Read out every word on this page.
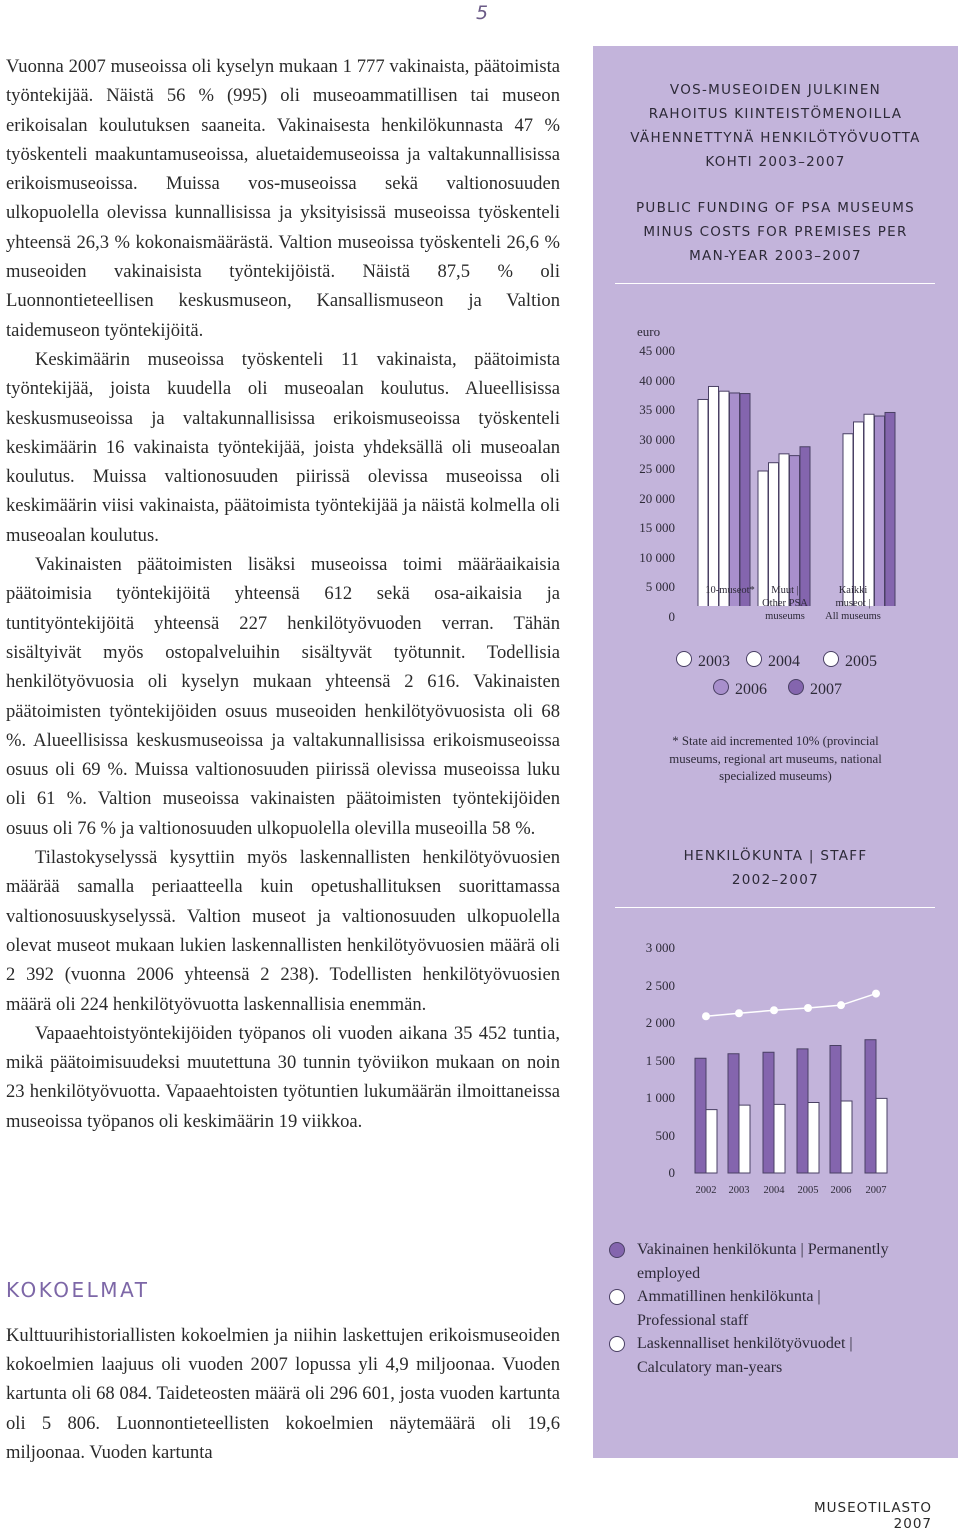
5

Vuonna 2007 museoissa oli kyselyn mukaan 1 777 vakinaista, päätoimista työntekijää. Näistä 56 % (995) oli museoammatillisen tai museon erikoisalan koulutuksen saaneita. Vakinaisesta henkilökunnasta 47 % työskenteli maakuntamuseoissa, aluetaidemuseoissa ja valtakunnallisissa erikoismuseoissa. Muissa vos-museoissa sekä valtionosuuden ulkopuolella olevissa kunnallisissa ja yksityisissä museoissa työskenteli yhteensä 26,3 % kokonaismäärästä. Valtion museoissa työskenteli 26,6 % museoiden vakinaisista työntekijöistä. Näistä 87,5 % oli Luonnontieteellisen keskusmuseon, Kansallismuseon ja Valtion taidemuseon työntekijöitä.

Keskimäärin museoissa työskenteli 11 vakinaista, päätoimista työntekijää, joista kuudella oli museoalan koulutus. Alueellisissa keskusmuseoissa ja valtakunnallisissa erikoismuseoissa työskenteli keskimäärin 16 vakinaista työntekijää, joista yhdeksällä oli museoalan koulutus. Muissa valtionosuuden piirissä olevissa museoissa oli keskimäärin viisi vakinaista, päätoimista työntekijää ja näistä kolmella oli museoalan koulutus.

Vakinaisten päätoimisten lisäksi museoissa toimi määräaikaisia päätoimisia työntekijöitä yhteensä 612 sekä osa-aikaisia ja tuntityöntekijöitä yhteensä 227 henkilötyövuoden verran. Tähän sisältyivät myös ostopalveluihin sisältyvät työtunnit. Todellisia henkilötyövuosia oli kyselyn mukaan yhteensä 2 616. Vakinaisten päätoimisten työntekijöiden osuus museoiden henkilötyövuosista oli 68 %. Alueellisissa keskusmuseoissa ja valtakunnallisissa erikoismuseoissa osuus oli 69 %. Muissa valtionosuuden piirissä olevissa museoissa luku oli 61 %. Valtion museoissa vakinaisten päätoimisten työntekijöiden osuus oli 76 % ja valtionosuuden ulkopuolella olevilla museoilla 58 %.

Tilastokyselyssä kysyttiin myös laskennallisten henkilötyövuosien määrää samalla periaatteella kuin opetushallituksen suorittamassa valtionosuuskyselyssä. Valtion museot ja valtionosuuden ulkopuolella olevat museot mukaan lukien laskennallisten henkilötyövuosien määrä oli 2 392 (vuonna 2006 yhteensä 2 238). Todellisten henkilötyövuosien määrä oli 224 henkilötyövuotta laskennallisia enemmän.

Vapaaehtoistyöntekijöiden työpanos oli vuoden aikana 35 452 tuntia, mikä päätoimisuudeksi muutettuna 30 tunnin työviikon mukaan on noin 23 henkilötyövuotta. Vapaaehtoisten työtuntien lukumäärän ilmoittaneissa museoissa työpanos oli keskimäärin 19 viikkoa.

KOKOELMAT

Kulttuurihistoriallisten kokoelmien ja niihin laskettujen erikoismuseoiden kokoelmien laajuus oli vuoden 2007 lopussa yli 4,9 miljoonaa. Vuoden kartunta oli 68 084. Taideteosten määrä oli 296 601, josta vuoden kartunta oli 5 806. Luonnontieteellisten kokoelmien näytemäärä oli 19,6 miljoonaa. Vuoden kartunta

VOS-MUSEOIDEN JULKINEN
RAHOITUS KIINTEISTÖMENOILLA
VÄHENNETTYNÄ HENKILÖTYÖVUOTTA
KOHTI 2003–2007
PUBLIC FUNDING OF PSA MUSEUMS
MINUS COSTS FOR PREMISES PER
MAN-YEAR 2003–2007
euro
45 000
40 000
35 000
30 000
25 000
20 000
15 000
10 000
5 000
0
10-museot*	Muut |
Other PSA
museums
Kaikki
museot |
All museums
2003	2004	2005
2006	2007
* State aid incremented 10% (provincial
museums, regional art museums, national
specialized museums)
HENKILÖKUNTA | STAFF
2002–2007
3 000
2 500
2 000
1 500
1 000
500
0
2002 2003 2004 2005 2006 2007
Vakinainen henkilökunta | Permanently
employed
Ammatillinen henkilökunta |
Professional staff
Laskennalliset henkilötyövuodet |
Calculatory man-years
MUSEOTILASTO 2007
